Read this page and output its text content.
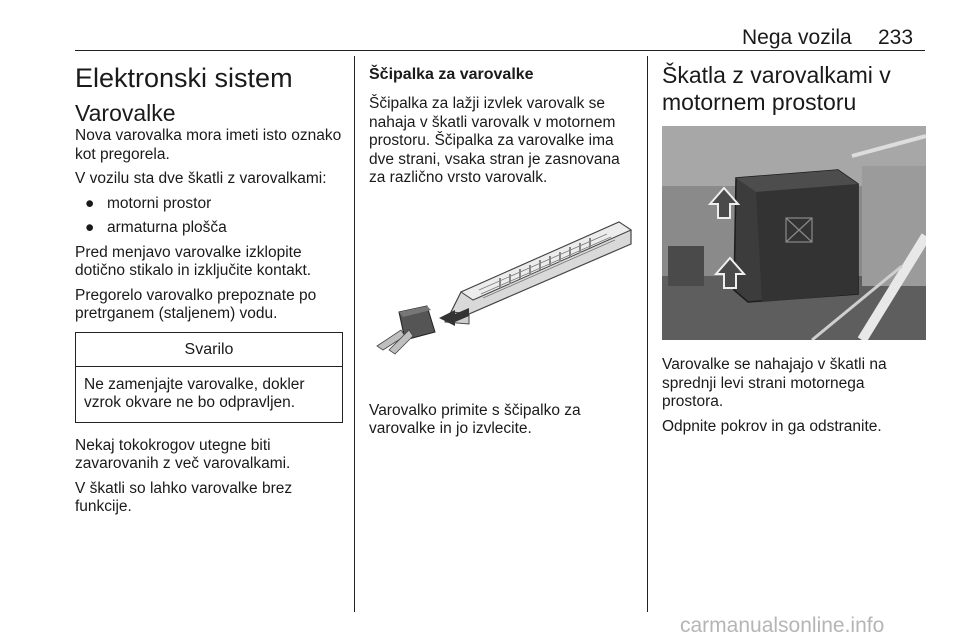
Nega vozila 233
Elektronski sistem
Varovalke

Nova varovalka mora imeti isto oznako kot pregorela.

V vozilu sta dve škatli z varovalkami:

● motorni prostor
● armaturna plošča

Pred menjavo varovalke izklopite dotično stikalo in izključite kontakt.

Pregorelo varovalko prepoznate po pretrganem (staljenem) vodu.

Svarilo
Ne zamenjajte varovalke, dokler vzrok okvare ne bo odpravljen.

Nekaj tokokrogov utegne biti zavarovanih z več varovalkami.

V škatli so lahko varovalke brez funkcije.

Ščipalka za varovalke

Ščipalka za lažji izvlek varovalk se nahaja v škatli varovalk v motornem prostoru. Ščipalka za varovalke ima dve strani, vsaka stran je zasnovana za različno vrsto varovalk.

Varovalko primite s ščipalko za varovalke in jo izvlecite.

Škatla z varovalkami v motornem prostoru

Varovalke se nahajajo v škatli na sprednji levi strani motornega prostora.

Odpnite pokrov in ga odstranite.

carmanualsonline.info
